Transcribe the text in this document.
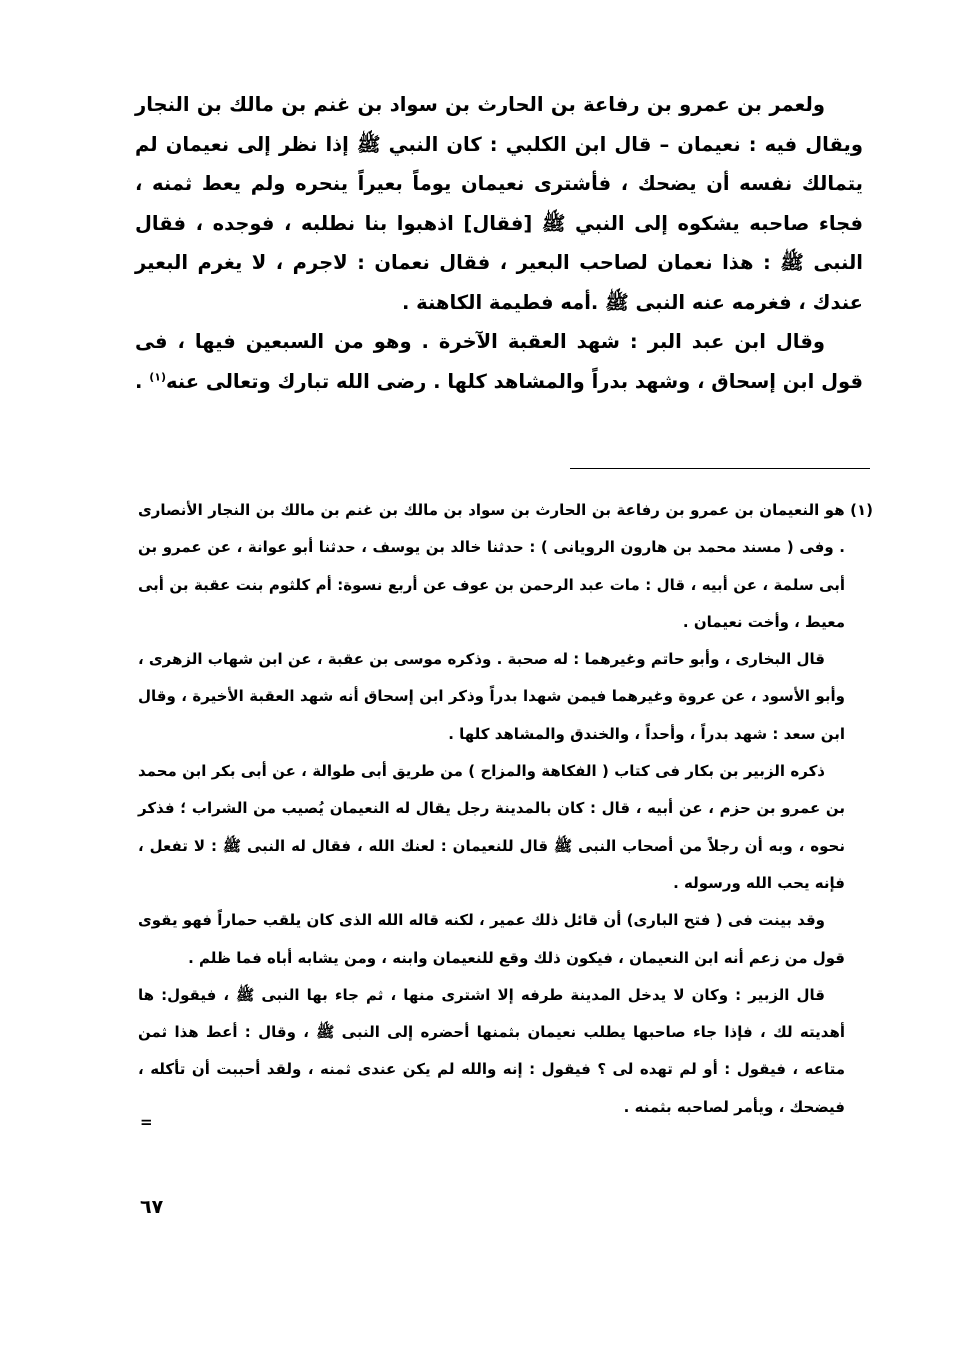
ولعمر بن عمرو بن رفاعة بن الحارث بن سواد بن غنم بن مالك بن النجار ويقال فيه : نعيمان – قال ابن الكلبي : كان النبي ﷺ إذا نظر إلى نعيمان لم يتمالك نفسه أن يضحك ، فأشترى نعيمان يوماً بعيراً ينحره ولم يعط ثمنه ، فجاء صاحبه يشكوه إلى النبي ﷺ [فقال] اذهبوا بنا نطلبه ، فوجده ، فقال النبى ﷺ : هذا نعمان لصاحب البعير ، فقال نعمان : لاجرم ، لا يغرم البعير عندك ، فغرمه عنه النبى ﷺ .أمه فطيمة الكاهنة .

وقال ابن عبد البر : شهد العقبة الآخرة . وهو من السبعين فيها ، فى قول ابن إسحاق ، وشهد بدراً والمشاهد كلها . رضى الله تبارك وتعالى عنه$^{(١)}$ .

(١) هو النعيمان بن عمرو بن رفاعة بن الحارث بن سواد بن مالك بن غنم بن مالك بن النجار الأنصارى . وفى ( مسند محمد بن هارون الرويانى ) : حدثنا خالد بن يوسف ، حدثنا أبو عوانة ، عن عمرو بن أبى سلمة ، عن أبيه ، قال : مات عبد الرحمن بن عوف عن أربع نسوة: أم كلثوم بنت عقبة بن أبى معيط ، وأخت نعيمان .

قال البخارى ، وأبو حاتم وغيرهما : له صحبة . وذكره موسى بن عقبة ، عن ابن شهاب الزهرى ، وأبو الأسود ، عن عروة وغيرهما فيمن شهدا بدراً وذكر ابن إسحاق أنه شهد العقبة الأخيرة ، وقال ابن سعد : شهد بدراً ، وأحداً ، والخندق والمشاهد كلها .

ذكره الزبير بن بكار فى كتاب ( الفكاهة والمزاح ) من طريق أبى طوالة ، عن أبى بكر ابن محمد بن عمرو بن حزم ، عن أبيه ، قال : كان بالمدينة رجل يقال له النعيمان يُصيب من الشراب ؛ فذكر نحوه ، وبه أن رجلاً من أصحاب النبى ﷺ قال للنعيمان : لعنك الله ، فقال له النبى ﷺ : لا تفعل ، فإنه يحب الله ورسوله .

وقد بينت فى ( فتح البارى) أن قائل ذلك عمير ، لكنه قاله الله الذى كان يلقب حماراً فهو يقوى قول من زعم أنه ابن النعيمان ، فيكون ذلك وقع للنعيمان وابنه ، ومن يشابه أباه فما ظلم .

قال الزبير : وكان لا يدخل المدينة طرفه إلا اشترى منها ، ثم جاء بها النبى ﷺ ، فيقول: ها أهديته لك ، فإذا جاء صاحبها يطلب نعيمان بثمنها أحضره إلى النبى ﷺ ، وقال : أعط هذا ثمن متاعه ، فيقول : أو لم تهده لى ؟ فيقول : إنه والله لم يكن عندى ثمنه ، ولقد أحببت أن تأكله ، فيضحك ، ويأمر لصاحبه بثمنه .

=
٦٧
